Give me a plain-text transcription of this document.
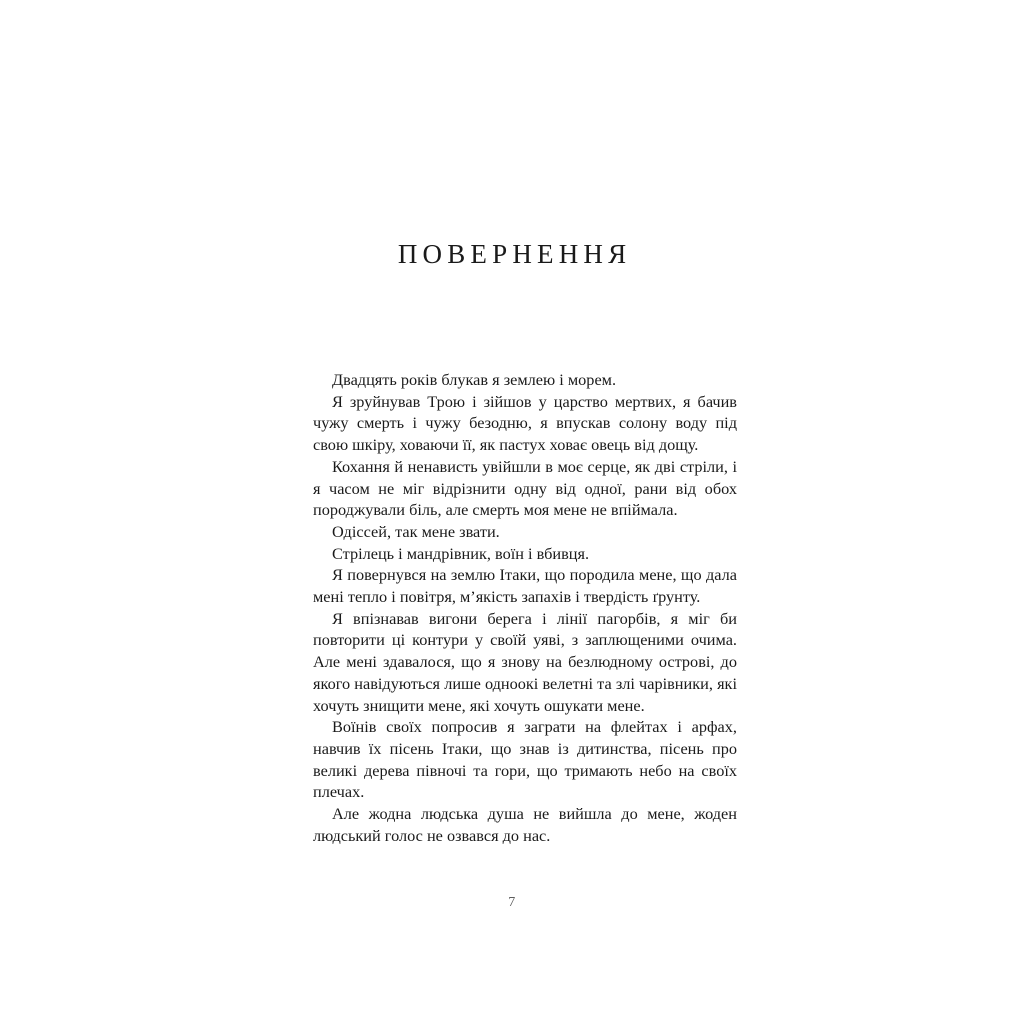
ПОВЕРНЕННЯ

Двадцять років блукав я землею і морем.

Я зруйнував Трою і зійшов у царство мертвих, я бачив чужу смерть і чужу безодню, я впускав солону воду під свою шкіру, ховаючи її, як пастух ховає овець від дощу.

Кохання й ненависть увійшли в моє серце, як дві стріли, і я часом не міг відрізнити одну від одної, рани від обох породжували біль, але смерть моя мене не впіймала.

Одіссей, так мене звати.

Стрілець і мандрівник, воїн і вбивця.

Я повернувся на землю Ітаки, що породила мене, що дала мені тепло і повітря, м’якість запахів і твердість ґрунту.

Я впізнавав вигони берега і лінії пагорбів, я міг би повторити ці контури у своїй уяві, з заплющеними очима. Але мені здавалося, що я знову на безлюдному острові, до якого навідуються лише одноокі велетні та злі чарівники, які хочуть знищити мене, які хочуть ошукати мене.

Воїнів своїх попросив я заграти на флейтах і арфах, навчив їх пісень Ітаки, що знав із дитинства, пісень про великі дерева півночі та гори, що тримають небо на своїх плечах.

Але жодна людська душа не вийшла до мене, жоден людський голос не озвався до нас.

7
